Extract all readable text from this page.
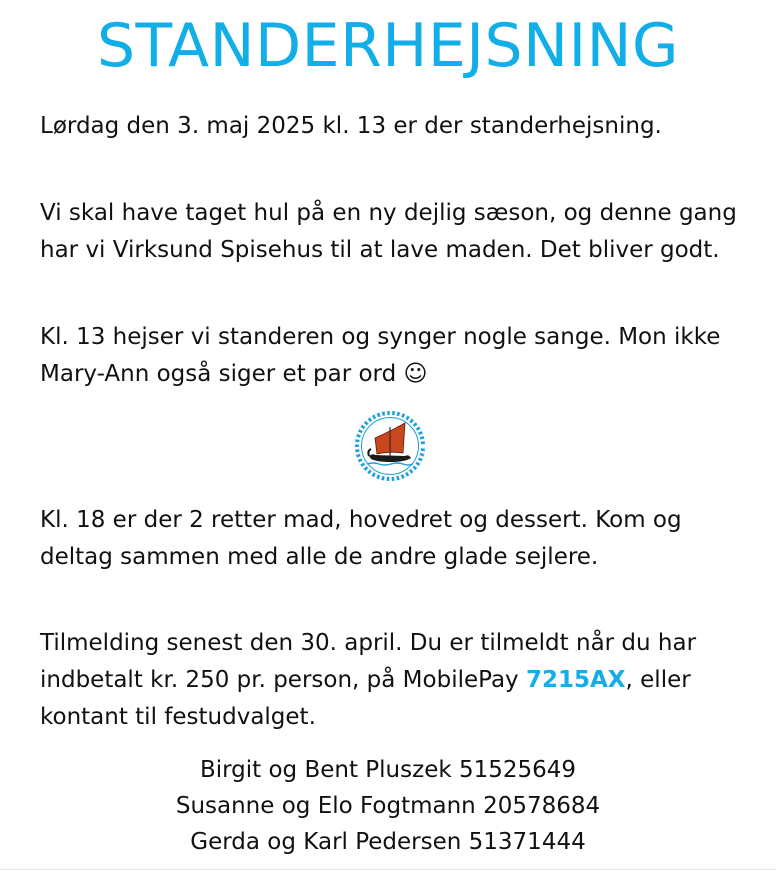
STANDERHEJSNING

Lørdag den 3. maj 2025 kl. 13 er der standerhejsning.

Vi skal have taget hul på en ny dejlig sæson, og denne gang har vi Virksund Spisehus til at lave maden. Det bliver godt.

Kl. 13 hejser vi standeren og synger nogle sange. Mon ikke Mary-Ann også siger et par ord ☺

Kl. 18 er der 2 retter mad, hovedret og dessert. Kom og deltag sammen med alle de andre glade sejlere.

Tilmelding senest den 30. april. Du er tilmeldt når du har indbetalt kr. 250 pr. person, på MobilePay 7215AX, eller kontant til festudvalget.

Birgit og Bent Pluszek 51525649
Susanne og Elo Fogtmann 20578684
Gerda og Karl Pedersen 51371444
